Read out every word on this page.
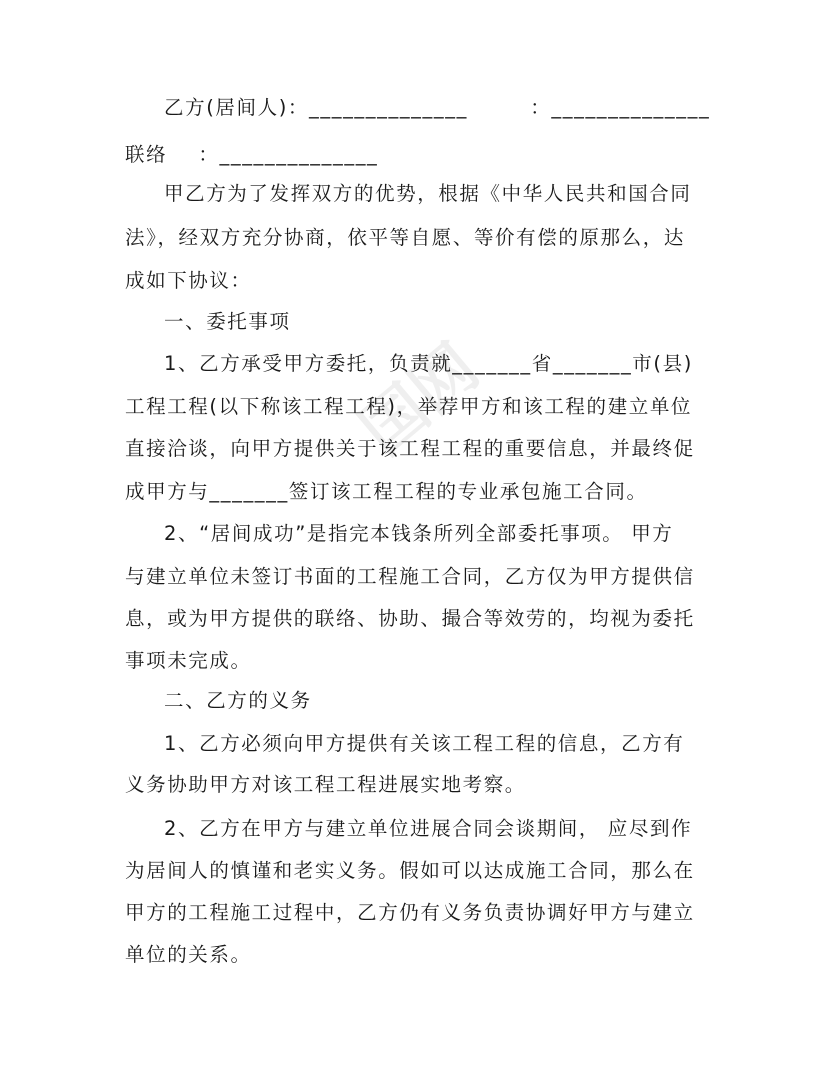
国网
乙方(居间人)：______________        ：______________
联络    ：______________
甲乙方为了发挥双方的优势，根据《中华人民共和国合同
法》，经双方充分协商，依平等自愿、等价有偿的原那么，达
成如下协议：
一、委托事项
1、乙方承受甲方委托，负责就_______省_______市(县)
工程工程(以下称该工程工程)，举荐甲方和该工程的建立单位
直接洽谈，向甲方提供关于该工程工程的重要信息，并最终促
成甲方与_______签订该工程工程的专业承包施工合同。
2、“居间成功”是指完本钱条所列全部委托事项。 甲方
与建立单位未签订书面的工程施工合同，乙方仅为甲方提供信
息，或为甲方提供的联络、协助、撮合等效劳的，均视为委托
事项未完成。
二、乙方的义务
1、乙方必须向甲方提供有关该工程工程的信息，乙方有
义务协助甲方对该工程工程进展实地考察。
2、乙方在甲方与建立单位进展合同会谈期间， 应尽到作
为居间人的慎谨和老实义务。假如可以达成施工合同，那么在
甲方的工程施工过程中，乙方仍有义务负责协调好甲方与建立
单位的关系。
